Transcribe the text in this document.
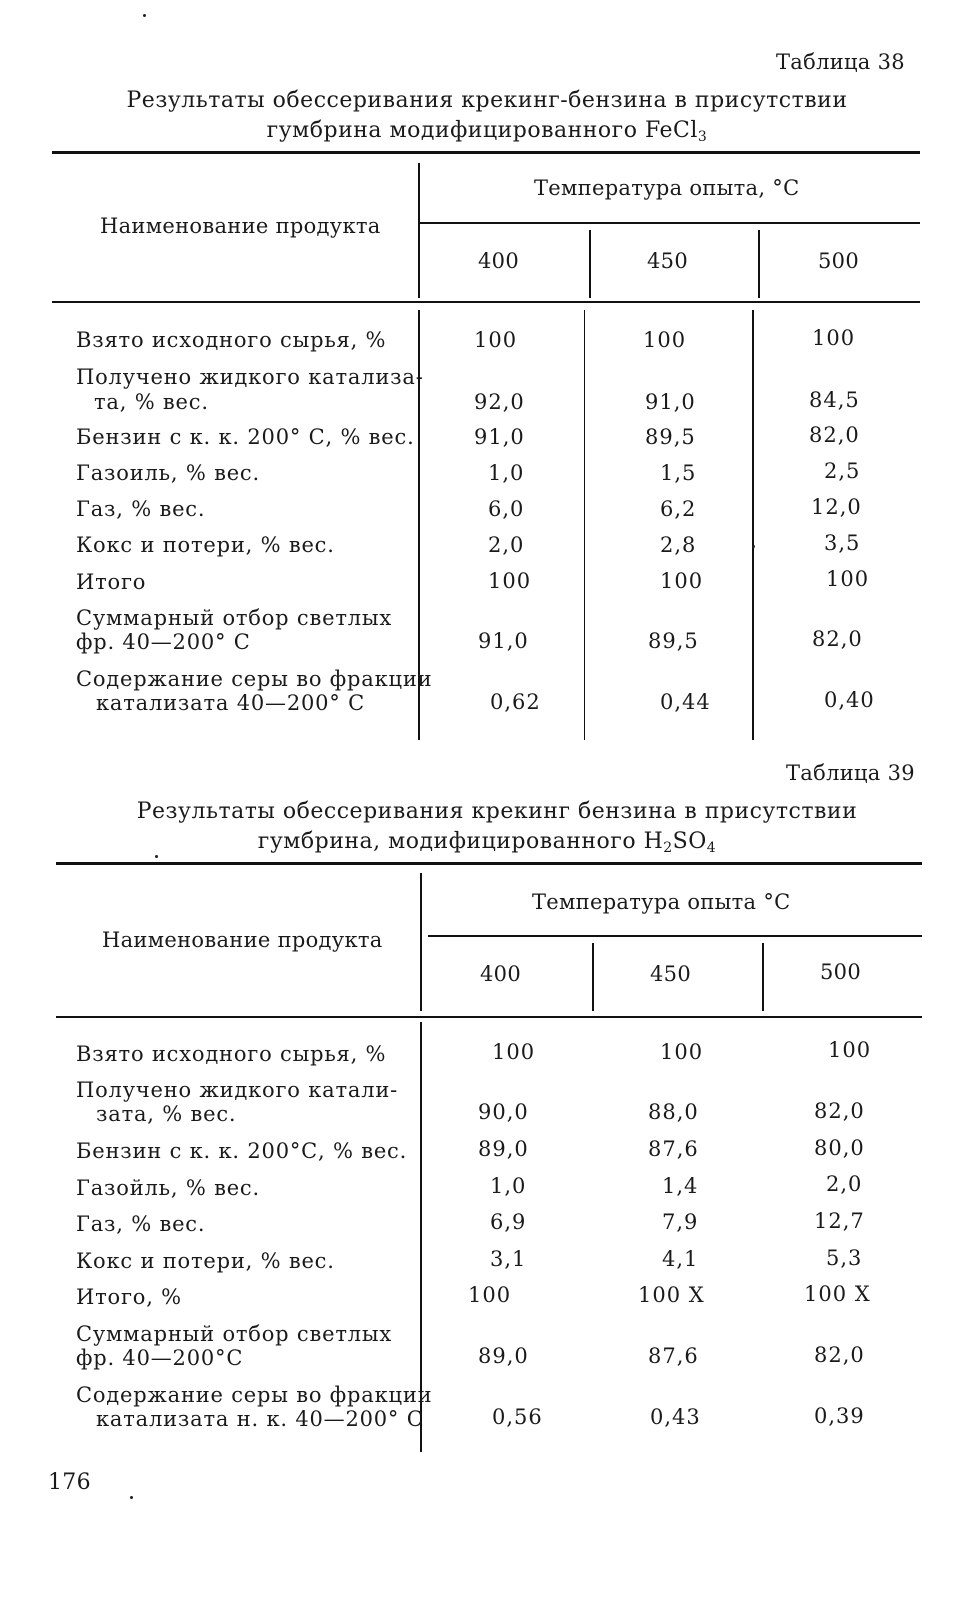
Таблица 38
Результаты обессеривания крекинг-бензина в присутствии
гумбрина модифицированного FeCl$_3$
Наименование продукта
Температура опыта, °С
400	450	500
Взято исходного сырья, %	100	100	100
Получено жидкого катализа-
та, % вес.	92,0	91,0	84,5
Бензин с к. к. 200° С, % вес.	91,0	89,5	82,0
Газоиль, % вес.	1,0	1,5	2,5
Газ, % вес.	6,0	6,2	12,0
Кокс и потери, % вес.	2,0	2,8	3,5
Итого	100	100	100
Суммарный отбор светлых
фр. 40—200° С	91,0	89,5	82,0
Содержание серы во фракции
катализата 40—200° С	0,62	0,44	0,40
Таблица 39
Результаты обессеривания крекинг бензина в присутствии
гумбрина, модифицированного $H_2SO_4$
Наименование продукта
Температура опыта °С
400	450	500
Взято исходного сырья, %	100	100	100
Получено жидкого катали-
зата, % вес.	90,0	88,0	82,0
Бензин с к. к. 200°С, % вес.	89,0	87,6	80,0
Газойль, % вес.	1,0	1,4	2,0
Газ, % вес.	6,9	7,9	12,7
Кокс и потери, % вес.	3,1	4,1	5,3
Итого, %	100	100 X	100 X
Суммарный отбор светлых
фр. 40—200°С	89,0	87,6	82,0
Содержание серы во фракции
катализата н. к. 40—200° С	0,56	0,43	0,39
176
